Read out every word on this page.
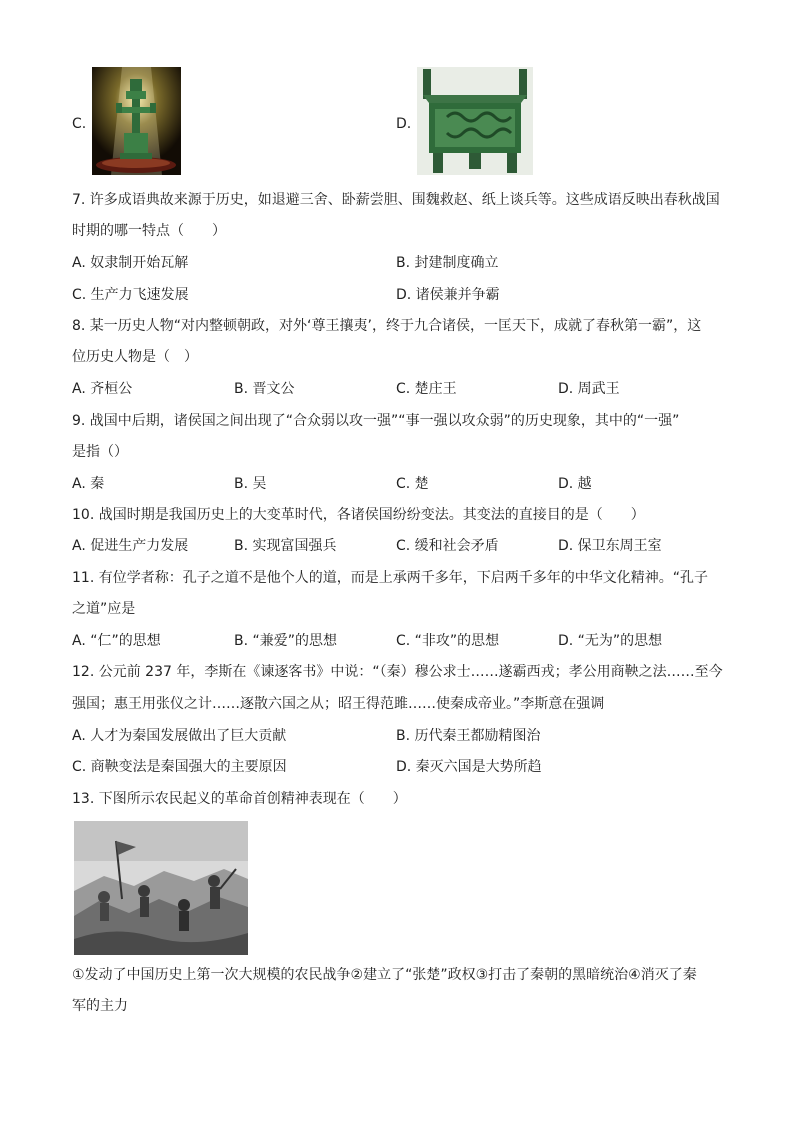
C.	D.
7. 许多成语典故来源于历史，如退避三舍、卧薪尝胆、围魏救赵、纸上谈兵等。这些成语反映出春秋战国
时期的哪一特点（　　）
A. 奴隶制开始瓦解	B. 封建制度确立
C. 生产力飞速发展	D. 诸侯兼并争霸
8. 某一历史人物“对内整顿朝政，对外‘尊王攘夷’，终于九合诸侯，一匡天下，成就了春秋第一霸”，这
位历史人物是（　）
A. 齐桓公	B. 晋文公	C. 楚庄王	D. 周武王
9. 战国中后期，诸侯国之间出现了“合众弱以攻一强”“事一强以攻众弱”的历史现象，其中的“一强”
是指（）
A. 秦	B. 吴	C. 楚	D. 越
10. 战国时期是我国历史上的大变革时代，各诸侯国纷纷变法。其变法的直接目的是（　　）
A. 促进生产力发展	B. 实现富国强兵	C. 缓和社会矛盾	D. 保卫东周王室
11. 有位学者称：孔子之道不是他个人的道，而是上承两千多年，下启两千多年的中华文化精神。“孔子
之道”应是
A. “仁”的思想	B. “兼爱”的思想	C. “非攻”的思想	D. “无为”的思想
12. 公元前 237 年，李斯在《谏逐客书》中说：“（秦）穆公求士……遂霸西戎；孝公用商鞅之法……至今
强国；惠王用张仪之计……逐散六国之从；昭王得范雎……使秦成帝业。”李斯意在强调
A. 人才为秦国发展做出了巨大贡献	B. 历代秦王都励精图治
C. 商鞅变法是秦国强大的主要原因	D. 秦灭六国是大势所趋
13. 下图所示农民起义的革命首创精神表现在（　　）
①发动了中国历史上第一次大规模的农民战争②建立了“张楚”政权③打击了秦朝的黑暗统治④消灭了秦
军的主力
